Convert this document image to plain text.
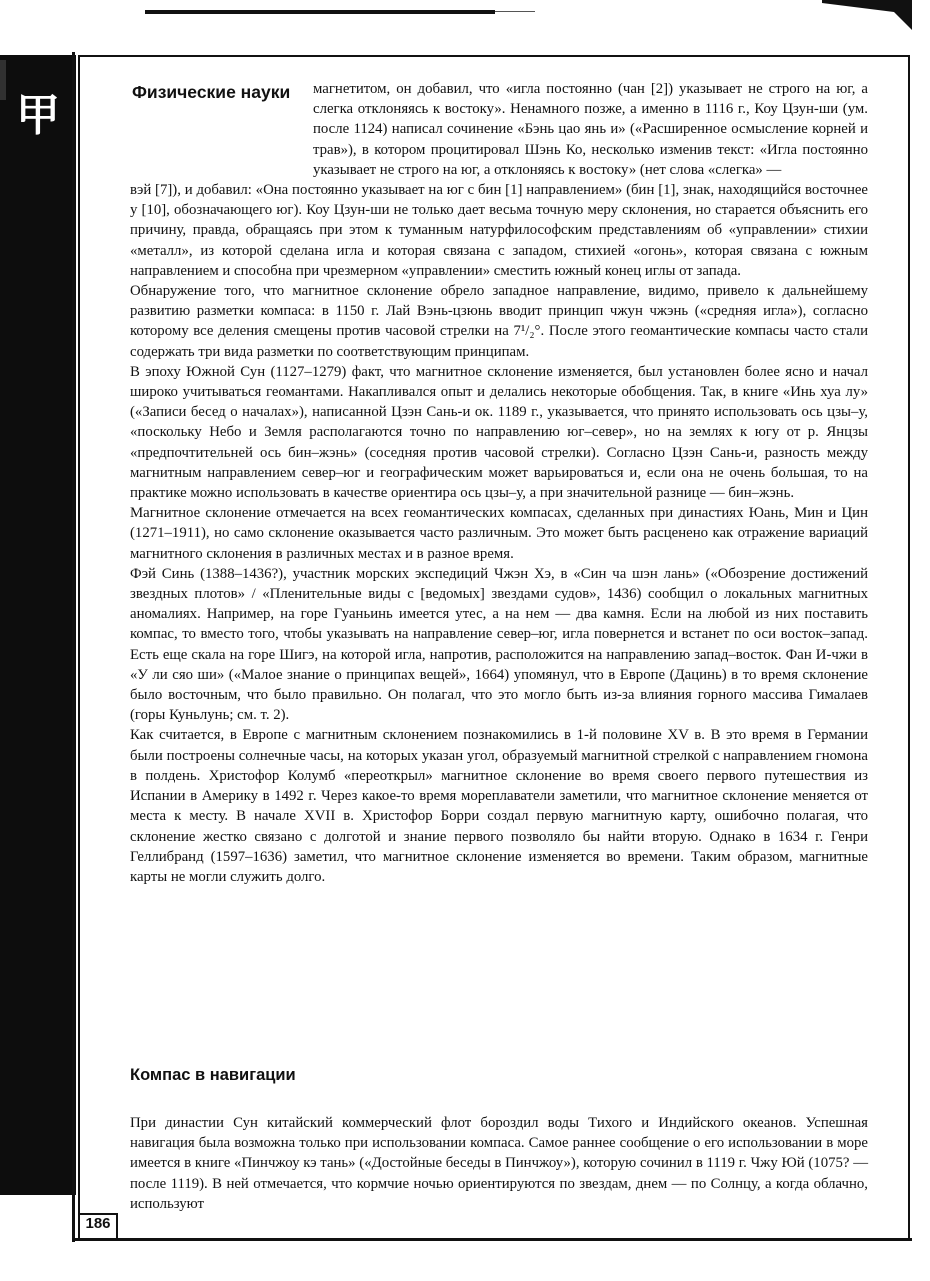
甲	Физические науки	магнетитом, он добавил, что «игла постоянно (чан [2]) указывает не строго на юг, а слегка отклоняясь к востоку». Ненамного позже, а именно в 1116 г., Коу Цзун-ши (ум. после 1124) написал сочинение «Бэнь цао янь и» («Расширенное осмысление корней и трав»), в котором процитировал Шэнь Ко, несколько изменив текст: «Игла постоянно указывает не строго на юг, а отклоняясь к востоку» (нет слова «слегка» —

вэй [7]), и добавил: «Она постоянно указывает на юг с бин [1] направлением» (бин [1], знак, находящийся восточнее у [10], обозначающего юг). Коу Цзун-ши не только дает весьма точную меру склонения, но старается объяснить его причину, правда, обращаясь при этом к туманным натурфилософским представлениям об «управлении» стихии «металл», из которой сделана игла и которая связана с западом, стихией «огонь», которая связана с южным направлением и способна при чрезмерном «управлении» сместить южный конец иглы от запада.

Обнаружение того, что магнитное склонение обрело западное направление, видимо, привело к дальнейшему развитию разметки компаса: в 1150 г. Лай Вэнь-цзюнь вводит принцип чжун чжэнь («средняя игла»), согласно которому все деления смещены против часовой стрелки на 7¹/₂°. После этого геомантические компасы часто стали содержать три вида разметки по соответствующим принципам.

В эпоху Южной Сун (1127–1279) факт, что магнитное склонение изменяется, был установлен более ясно и начал широко учитываться геомантами. Накапливался опыт и делались некоторые обобщения. Так, в книге «Инь хуа лу» («Записи бесед о началах»), написанной Цзэн Сань-и ок. 1189 г., указывается, что принято использовать ось цзы–у, «поскольку Небо и Земля располагаются точно по направлению юг–север», но на землях к югу от р. Янцзы «предпочтительней ось бин–жэнь» (соседняя против часовой стрелки). Согласно Цзэн Сань-и, разность между магнитным направлением север–юг и географическим может варьироваться и, если она не очень большая, то на практике можно использовать в качестве ориентира ось цзы–у, а при значительной разнице — бин–жэнь.

Магнитное склонение отмечается на всех геомантических компасах, сделанных при династиях Юань, Мин и Цин (1271–1911), но само склонение оказывается часто различным. Это может быть расценено как отражение вариаций магнитного склонения в различных местах и в разное время.

Фэй Синь (1388–1436?), участник морских экспедиций Чжэн Хэ, в «Син ча шэн лань» («Обозрение достижений звездных плотов» / «Пленительные виды с [ведомых] звездами судов», 1436) сообщил о локальных магнитных аномалиях. Например, на горе Гуаньинь имеется утес, а на нем — два камня. Если на любой из них поставить компас, то вместо того, чтобы указывать на направление север–юг, игла повернется и встанет по оси восток–запад. Есть еще скала на горе Шигэ, на которой игла, напротив, расположится на направлению запад–восток. Фан И-чжи в «У ли сяо ши» («Малое знание о принципах вещей», 1664) упомянул, что в Европе (Дацинь) в то время склонение было восточным, что было правильно. Он полагал, что это могло быть из-за влияния горного массива Гималаев (горы Куньлунь; см. т. 2).

Как считается, в Европе с магнитным склонением познакомились в 1-й половине XV в. В это время в Германии были построены солнечные часы, на которых указан угол, образуемый магнитной стрелкой с направлением гномона в полдень. Христофор Колумб «переоткрыл» магнитное склонение во время своего первого путешествия из Испании в Америку в 1492 г. Через какое-то время мореплаватели заметили, что магнитное склонение меняется от места к месту. В начале XVII в. Христофор Борри создал первую магнитную карту, ошибочно полагая, что склонение жестко связано с долготой и знание первого позволяло бы найти вторую. Однако в 1634 г. Генри Геллибранд (1597–1636) заметил, что магнитное склонение изменяется во времени. Таким образом, магнитные карты не могли служить долго.

Компас в навигации

При династии Сун китайский коммерческий флот бороздил воды Тихого и Индийского океанов. Успешная навигация была возможна только при использовании компаса. Самое раннее сообщение о его использовании в море имеется в книге «Пинчжоу кэ тань» («Достойные беседы в Пинчжоу»), которую сочинил в 1119 г. Чжу Юй (1075? — после 1119). В ней отмечается, что кормчие ночью ориентируются по звездам, днем — по Солнцу, а когда облачно, используют

186
